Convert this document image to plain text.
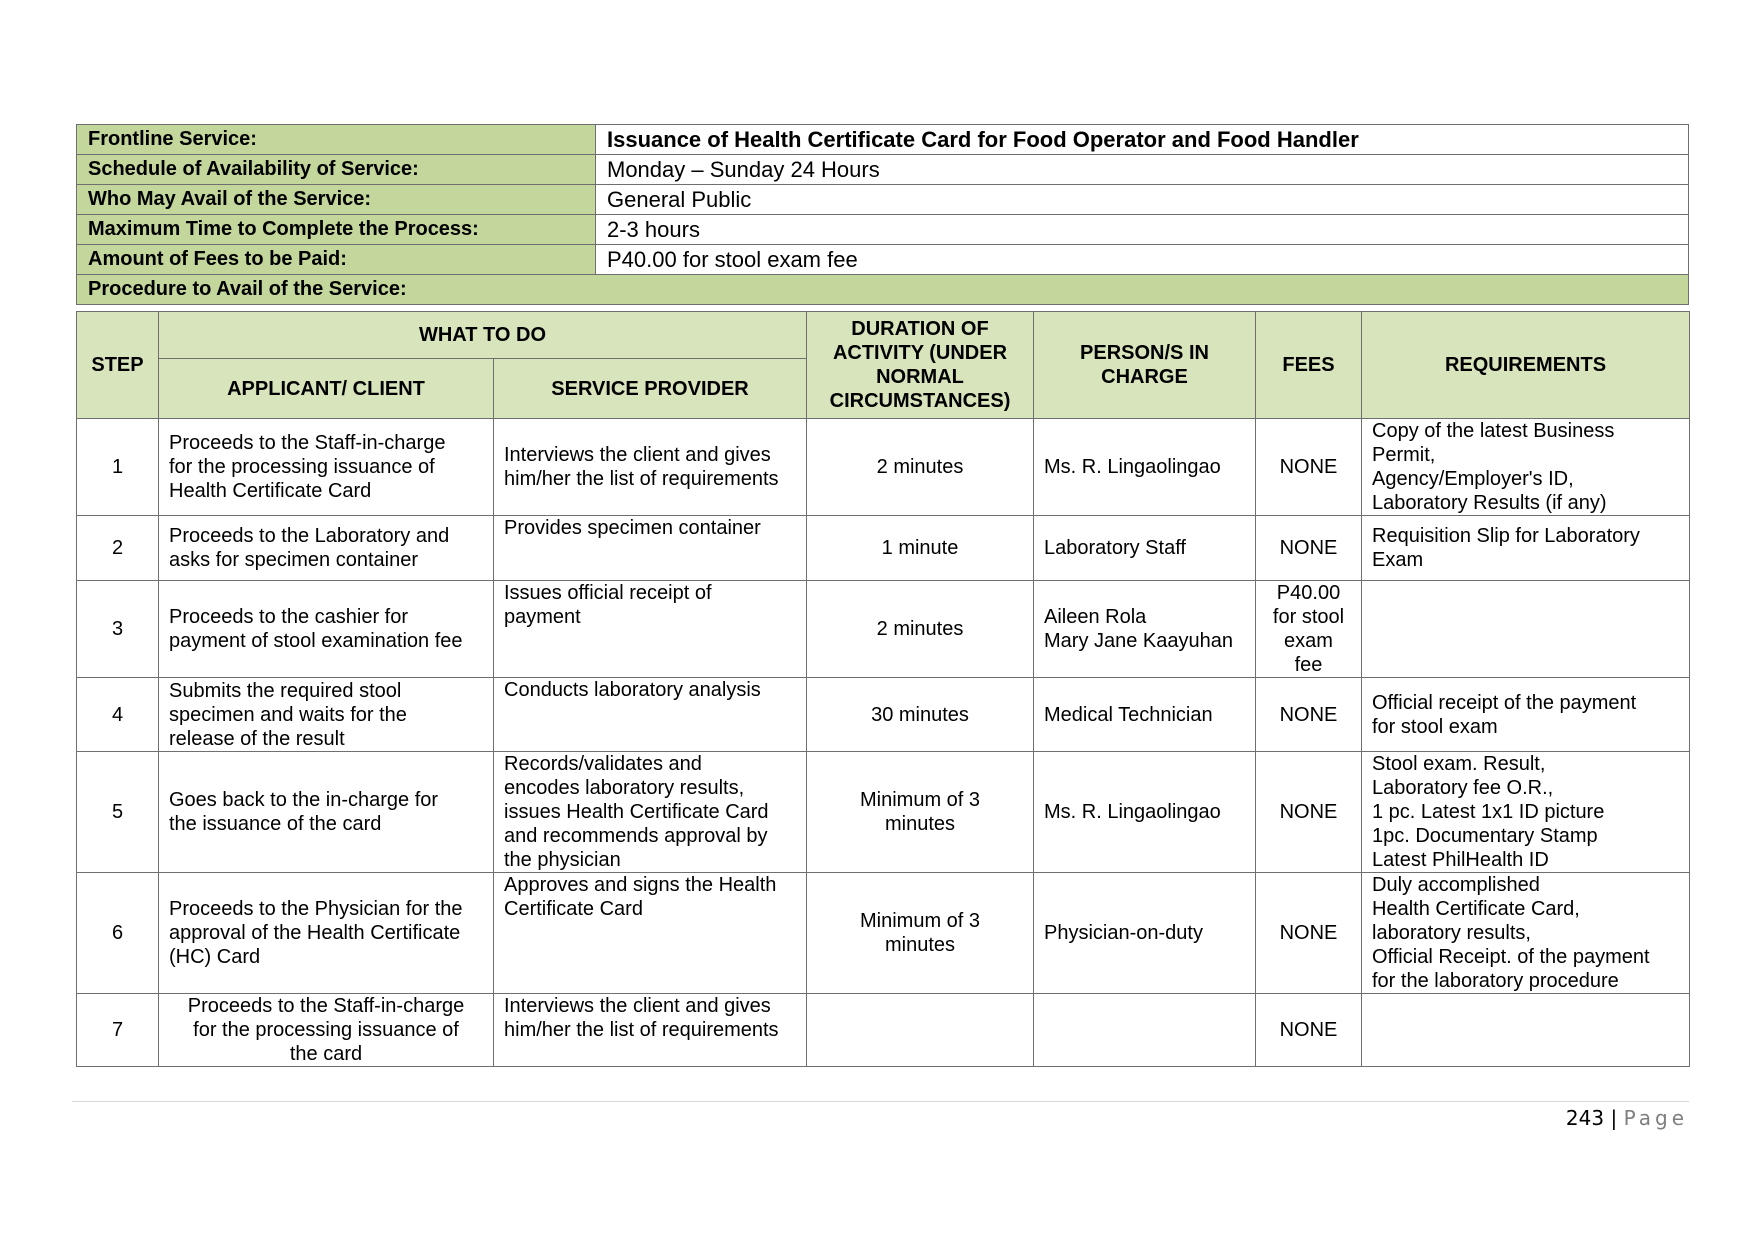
Frontline Service:	Issuance of Health Certificate Card for Food Operator and Food Handler
Schedule of Availability of Service:	Monday – Sunday 24 Hours
Who May Avail of the Service:	General Public
Maximum Time to Complete the Process:	2-3 hours
Amount of Fees to be Paid:	P40.00 for stool exam fee
Procedure to Avail of the Service:	
STEP	WHAT TO DO		DURATION OF ACTIVITY (UNDER NORMAL CIRCUMSTANCES)	PERSON/S IN CHARGE	FEES	REQUIREMENTS
	APPLICANT/ CLIENT	SERVICE PROVIDER				
1	Proceeds to the Staff-in-charge
for the processing issuance of
Health Certificate Card	Interviews the client and gives
him/her the list of requirements	2 minutes	Ms. R. Lingaolingao	NONE	Copy of the latest Business
Permit,
Agency/Employer's ID,
Laboratory Results (if any)
2	Proceeds to the Laboratory and
asks for specimen container	Provides specimen container	1 minute	Laboratory Staff	NONE	Requisition Slip for Laboratory
Exam
3	Proceeds to the cashier for
payment of stool examination fee	Issues official receipt of
payment	2 minutes	Aileen Rola
Mary Jane Kaayuhan	P40.00
for stool
exam
fee	
4	Submits the required stool
specimen and waits for the
release of the result	Conducts laboratory analysis	30 minutes	Medical Technician	NONE	Official receipt of the payment
for stool exam
5	Goes back to the in-charge for
the issuance of the card	Records/validates and
encodes laboratory results,
issues Health Certificate Card
and recommends approval by
the physician	Minimum of 3
minutes	Ms. R. Lingaolingao	NONE	Stool exam. Result,
Laboratory fee O.R.,
1 pc. Latest 1x1 ID picture
1pc. Documentary Stamp
Latest PhilHealth ID
6	Proceeds to the Physician for the
approval of the Health Certificate
(HC) Card	Approves and signs the Health
Certificate Card	Minimum of 3
minutes	Physician-on-duty	NONE	Duly accomplished
Health Certificate Card,
laboratory results,
Official Receipt. of the payment
for the laboratory procedure
7	Proceeds to the Staff-in-charge
for the processing issuance of
the card	Interviews the client and gives
him/her the list of requirements			NONE	
243 | Page
